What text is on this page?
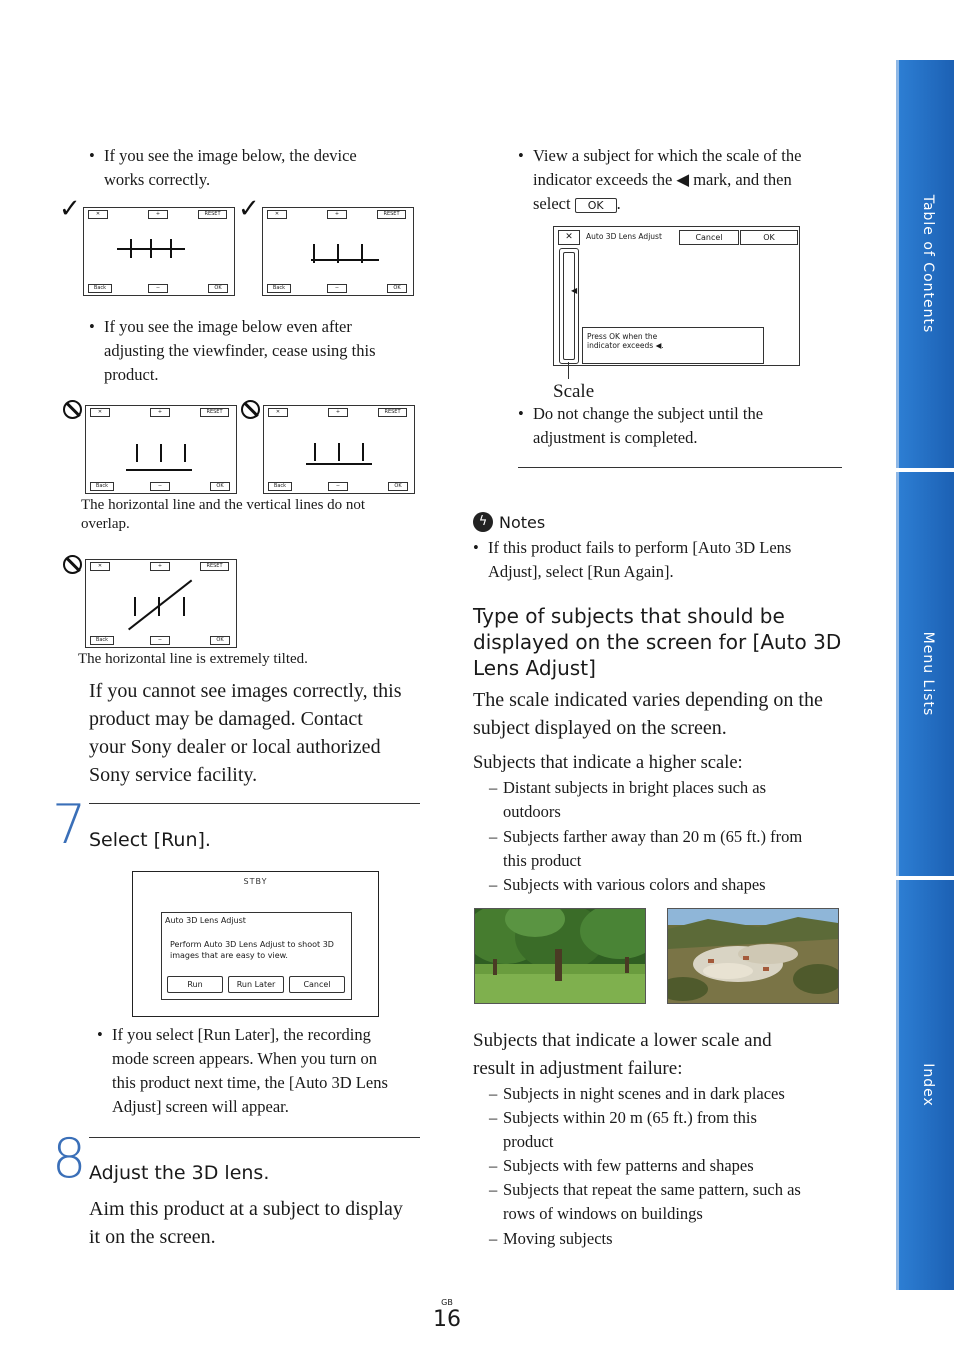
Table of Contents
Menu Lists
Index
• If you see the image below, the device
works correctly.
✓	✕	+	RESET
Back	−	OK
✓	✕	+	RESET
Back	−	OK
• If you see the image below even after
adjusting the viewfinder, cease using this
product.
✕	+	RESET
Back	−	OK
✕	+	RESET
Back	−	OK
The horizontal line and the vertical lines do not
overlap.
✕	+	RESET
Back	−	OK
The horizontal line is extremely tilted.
If you cannot see images correctly, this
product may be damaged. Contact
your Sony dealer or local authorized
Sony service facility.
7 Select [Run].
STBY
Auto 3D Lens Adjust
Perform Auto 3D Lens Adjust to shoot 3D
images that are easy to view.
Run	Run Later	Cancel
• If you select [Run Later], the recording
mode screen appears. When you turn on
this product next time, the [Auto 3D Lens
Adjust] screen will appear.
8 Adjust the 3D lens.
Aim this product at a subject to display
it on the screen.
• View a subject for which the scale of the
indicator exceeds the ◀ mark, and then
select OK .
✕	Auto 3D Lens Adjust	Cancel	OK
◀
Press OK when the
indicator exceeds ◀.
Scale
• Do not change the subject until the
adjustment is completed.
ϟ Notes
• If this product fails to perform [Auto 3D Lens
Adjust], select [Run Again].
Type of subjects that should be
displayed on the screen for [Auto 3D
Lens Adjust]
The scale indicated varies depending on the
subject displayed on the screen.
Subjects that indicate a higher scale:
– Distant subjects in bright places such as
outdoors
– Subjects farther away than 20 m (65 ft.) from
this product
– Subjects with various colors and shapes
Subjects that indicate a lower scale and
result in adjustment failure:
– Subjects in night scenes and in dark places
– Subjects within 20 m (65 ft.) from this
product
– Subjects with few patterns and shapes
– Subjects that repeat the same pattern, such as
rows of windows on buildings
– Moving subjects
GB
16
